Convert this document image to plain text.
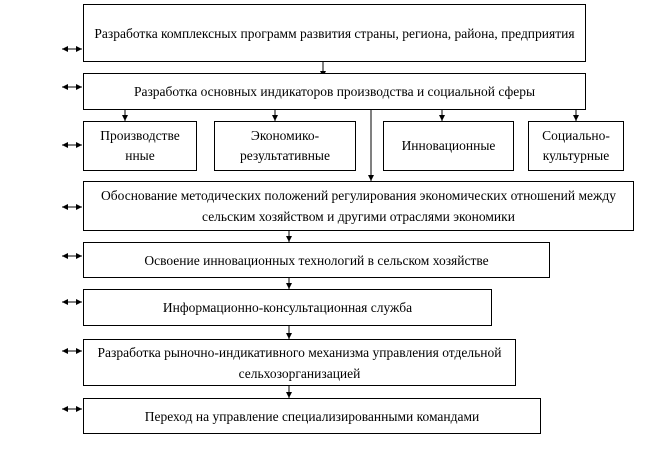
Разработка комплексных программ развития страны, региона, района, предприятия
Разработка основных индикаторов производства и социальной сферы
Производстве нные
Экономико-результативные
Инновационные
Социально-культурные
Обоснование методических положений регулирования экономических отношений между сельским хозяйством и другими отраслями экономики
Освоение инновационных технологий в сельском хозяйстве
Информационно-консультационная служба
Разработка рыночно-индикативного механизма управления отдельной сельхозорганизацией
Переход на управление специализированными командами
